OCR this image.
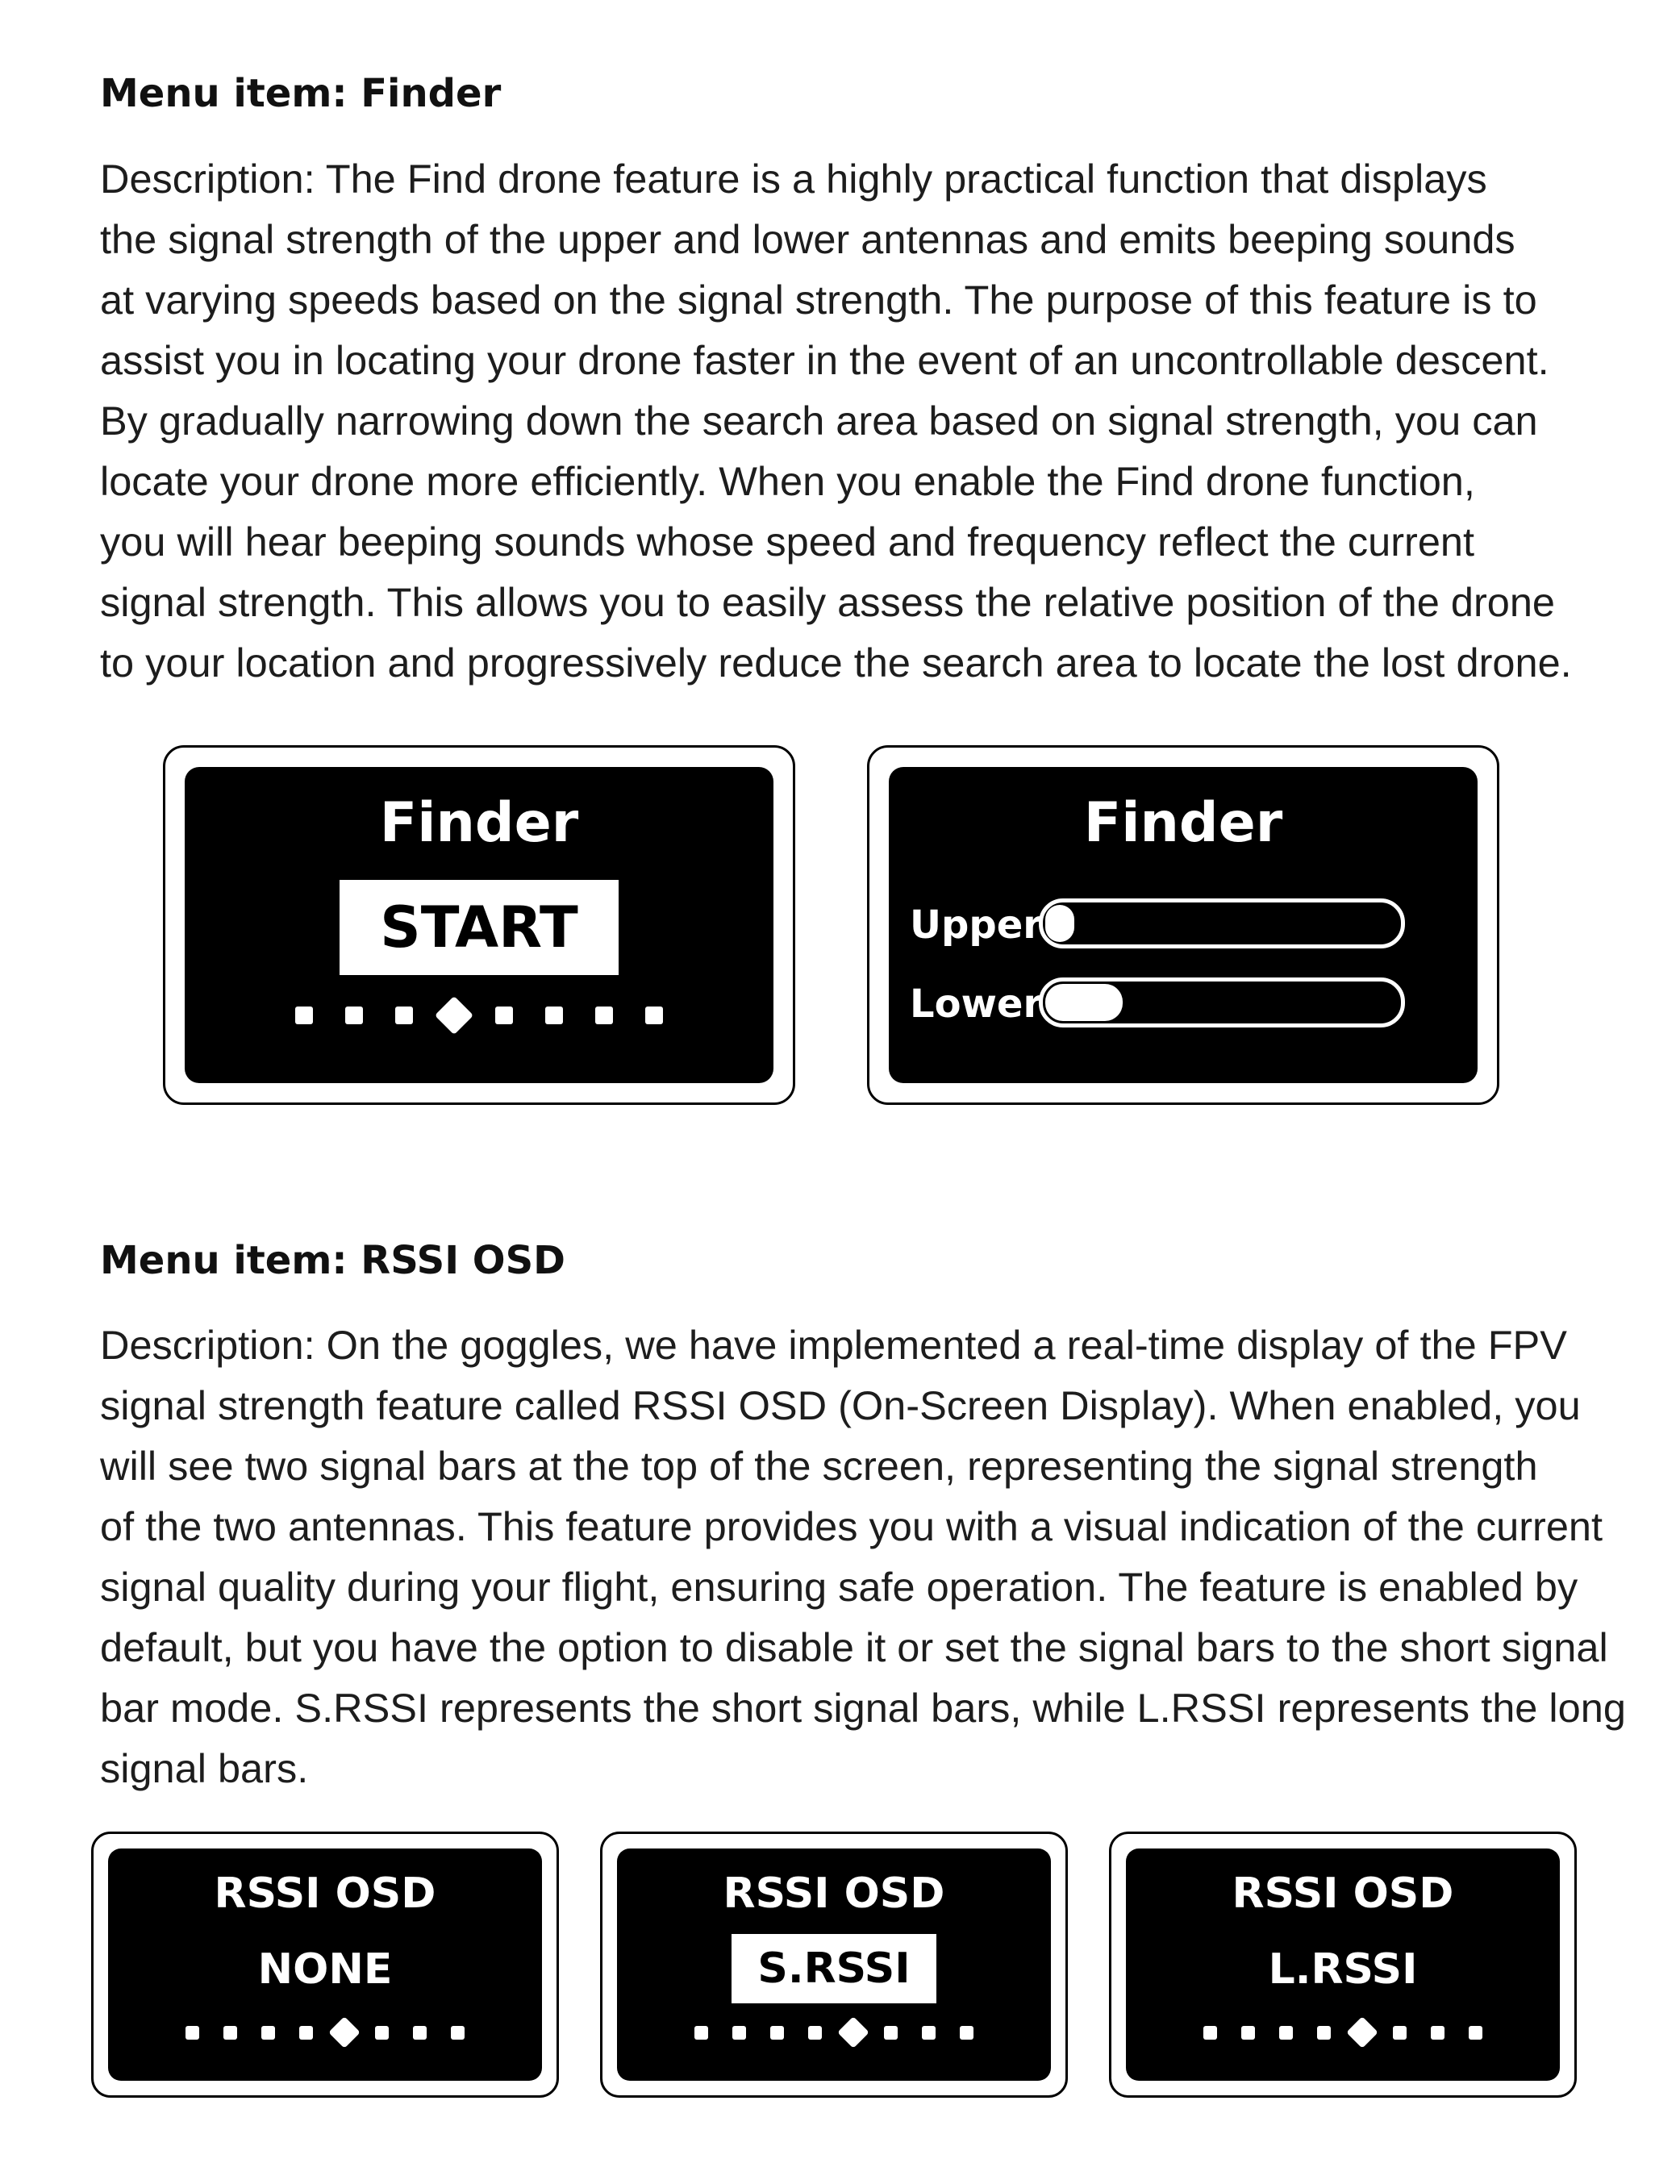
Menu item: Finder

Description: The Find drone feature is a highly practical function that displays
the signal strength of the upper and lower antennas and emits beeping sounds
at varying speeds based on the signal strength. The purpose of this feature is to
assist you in locating your drone faster in the event of an uncontrollable descent.
By gradually narrowing down the search area based on signal strength, you can
locate your drone more efficiently. When you enable the Find drone function,
you will hear beeping sounds whose speed and frequency reflect the current
signal strength. This allows you to easily assess the relative position of the drone
to your location and progressively reduce the search area to locate the lost drone.

Finder
START
Finder
Upper
Lower
Menu item: RSSI OSD

Description: On the goggles, we have implemented a real-time display of the FPV
signal strength feature called RSSI OSD (On-Screen Display). When enabled, you
will see two signal bars at the top of the screen, representing the signal strength
of the two antennas. This feature provides you with a visual indication of the current
signal quality during your flight, ensuring safe operation. The feature is enabled by
default, but you have the option to disable it or set the signal bars to the short signal
bar mode. S.RSSI represents the short signal bars, while L.RSSI represents the long
signal bars.

RSSI OSD
NONE
RSSI OSD
S.RSSI
RSSI OSD
L.RSSI
